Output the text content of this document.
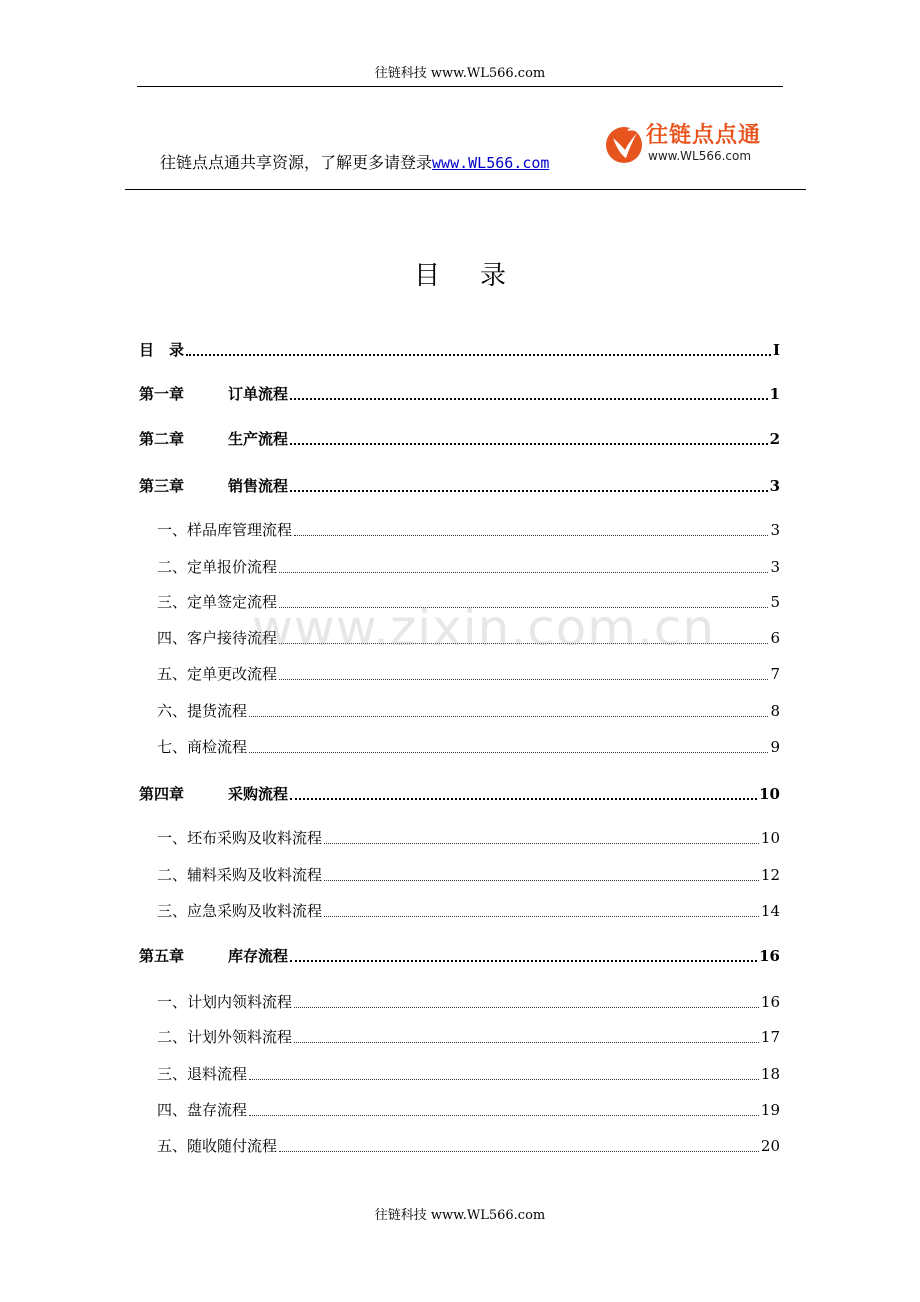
往链科技 www.WL566.com
往链点点通共享资源，了解更多请登录www.WL566.com
往链点点通
www.WL566.com
目录
目　录	I
第一章	订单流程	1
第二章	生产流程	2
第三章	销售流程	3
一、 样品库管理流程	3
二、 定单报价流程	3
三、 定单签定流程	5
四、 客户接待流程	6
五、 定单更改流程	7
六、 提货流程	8
七、 商检流程	9
第四章	采购流程	10
一、 坯布采购及收料流程	10
二、 辅料采购及收料流程	12
三、 应急采购及收料流程	14
第五章	库存流程	16
一、 计划内领料流程	16
二、 计划外领料流程	17
三、 退料流程	18
四、 盘存流程	19
五、 随收随付流程	20
www.zixin.com.cn
往链科技 www.WL566.com
